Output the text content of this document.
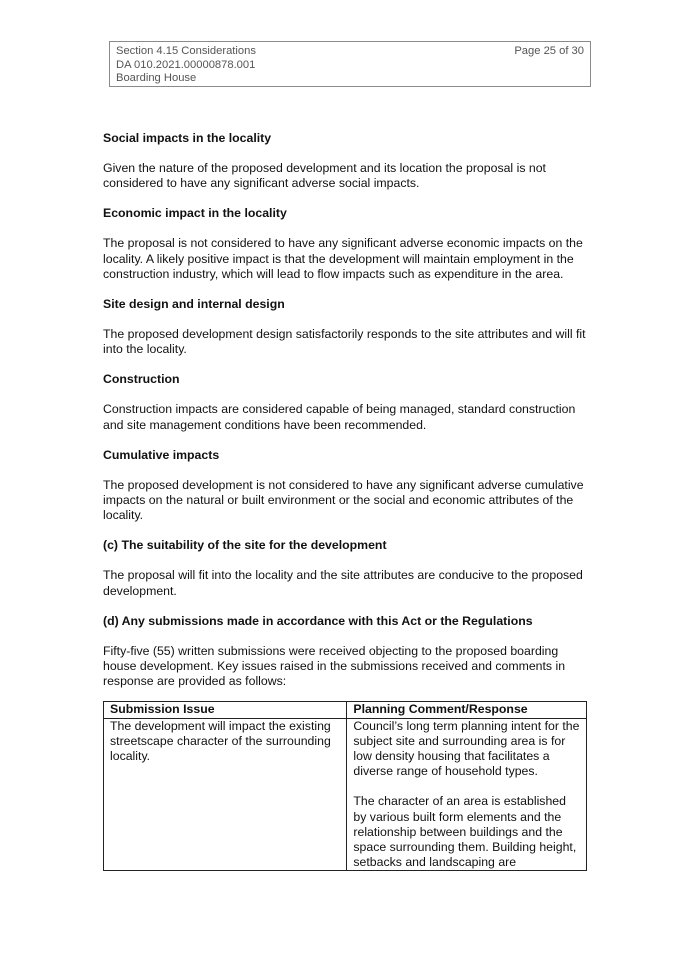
Section 4.15 Considerations
DA 010.2021.00000878.001
Boarding House
Page 25 of 30
Social impacts in the locality

Given the nature of the proposed development and its location the proposal is not considered to have any significant adverse social impacts.

Economic impact in the locality

The proposal is not considered to have any significant adverse economic impacts on the locality. A likely positive impact is that the development will maintain employment in the construction industry, which will lead to flow impacts such as expenditure in the area.

Site design and internal design

The proposed development design satisfactorily responds to the site attributes and will fit into the locality.

Construction

Construction impacts are considered capable of being managed, standard construction and site management conditions have been recommended.

Cumulative impacts

The proposed development is not considered to have any significant adverse cumulative impacts on the natural or built environment or the social and economic attributes of the locality.

(c) The suitability of the site for the development

The proposal will fit into the locality and the site attributes are conducive to the proposed development.

(d) Any submissions made in accordance with this Act or the Regulations

Fifty-five (55) written submissions were received objecting to the proposed boarding house development. Key issues raised in the submissions received and comments in response are provided as follows:

Submission Issue	Planning Comment/Response

The development will impact the existing streetscape character of the surrounding locality.	Council’s long term planning intent for the subject site and surrounding area is for low density housing that facilitates a diverse range of household types.

The character of an area is established by various built form elements and the relationship between buildings and the space surrounding them. Building height, setbacks and landscaping are
